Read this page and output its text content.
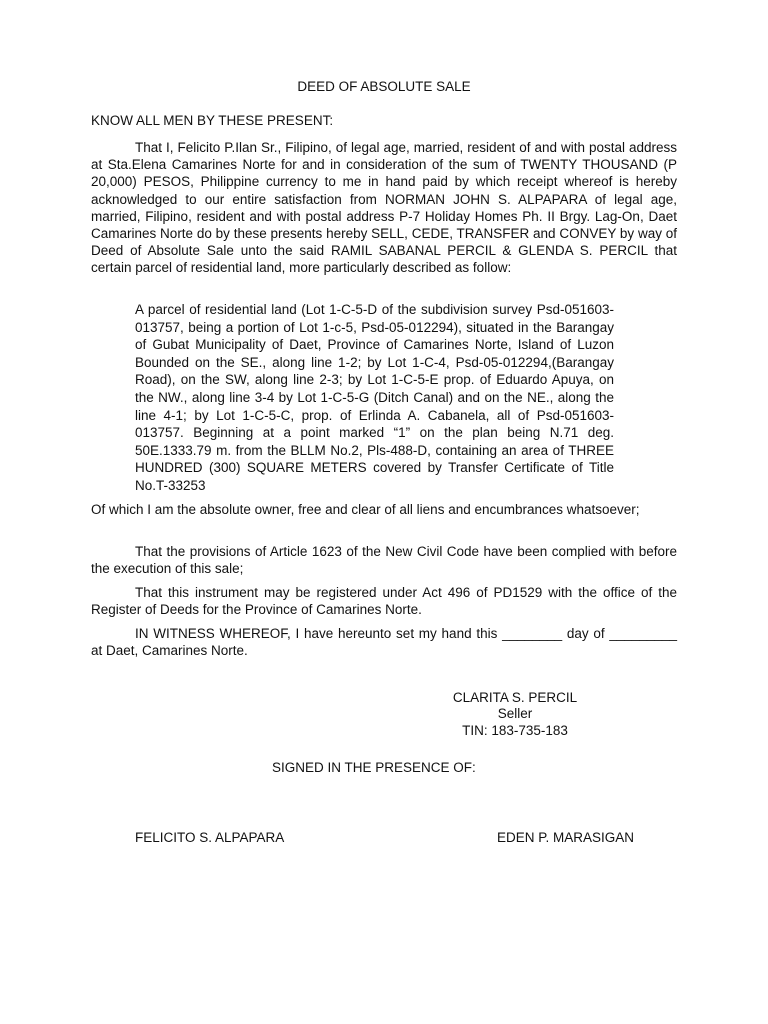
DEED OF ABSOLUTE SALE
KNOW ALL MEN BY THESE PRESENT:

That I, Felicito P.Ilan Sr., Filipino, of legal age, married, resident of and with postal address at Sta.Elena Camarines Norte for and in consideration of the sum of TWENTY THOUSAND (P 20,000) PESOS, Philippine currency to me in hand paid by which receipt whereof is hereby acknowledged to our entire satisfaction from NORMAN JOHN S. ALPAPARA of legal age, married, Filipino, resident and with postal address P-7 Holiday Homes Ph. II Brgy. Lag-On, Daet Camarines Norte do by these presents hereby SELL, CEDE, TRANSFER and CONVEY by way of Deed of Absolute Sale unto the said RAMIL SABANAL PERCIL & GLENDA S. PERCIL that certain parcel of residential land, more particularly described as follow:

A parcel of residential land (Lot 1-C-5-D of the subdivision survey Psd-051603-013757, being a portion of Lot 1-c-5, Psd-05-012294), situated in the Barangay of Gubat Municipality of Daet, Province of Camarines Norte, Island of Luzon Bounded on the SE., along line 1-2; by Lot 1-C-4, Psd-05-012294,(Barangay Road), on the SW, along line 2-3; by Lot 1-C-5-E prop. of Eduardo Apuya, on the NW., along line 3-4 by Lot 1-C-5-G (Ditch Canal) and on the NE., along the line 4-1; by Lot 1-C-5-C, prop. of Erlinda A. Cabanela, all of Psd-051603-013757. Beginning at a point marked “1” on the plan being N.71 deg. 50E.1333.79 m. from the BLLM No.2, Pls-488-D, containing an area of THREE HUNDRED (300) SQUARE METERS covered by Transfer Certificate of Title No.T-33253

Of which I am the absolute owner, free and clear of all liens and encumbrances whatsoever;

That the provisions of Article 1623 of the New Civil Code have been complied with before the execution of this sale;

That this instrument may be registered under Act 496 of PD1529 with the office of the Register of Deeds for the Province of Camarines Norte.

IN WITNESS WHEREOF, I have hereunto set my hand this ________ day of _________ at Daet, Camarines Norte.

CLARITA S. PERCIL
Seller
TIN: 183-735-183
SIGNED IN THE PRESENCE OF:
FELICITO S. ALPAPARA	EDEN P. MARASIGAN
